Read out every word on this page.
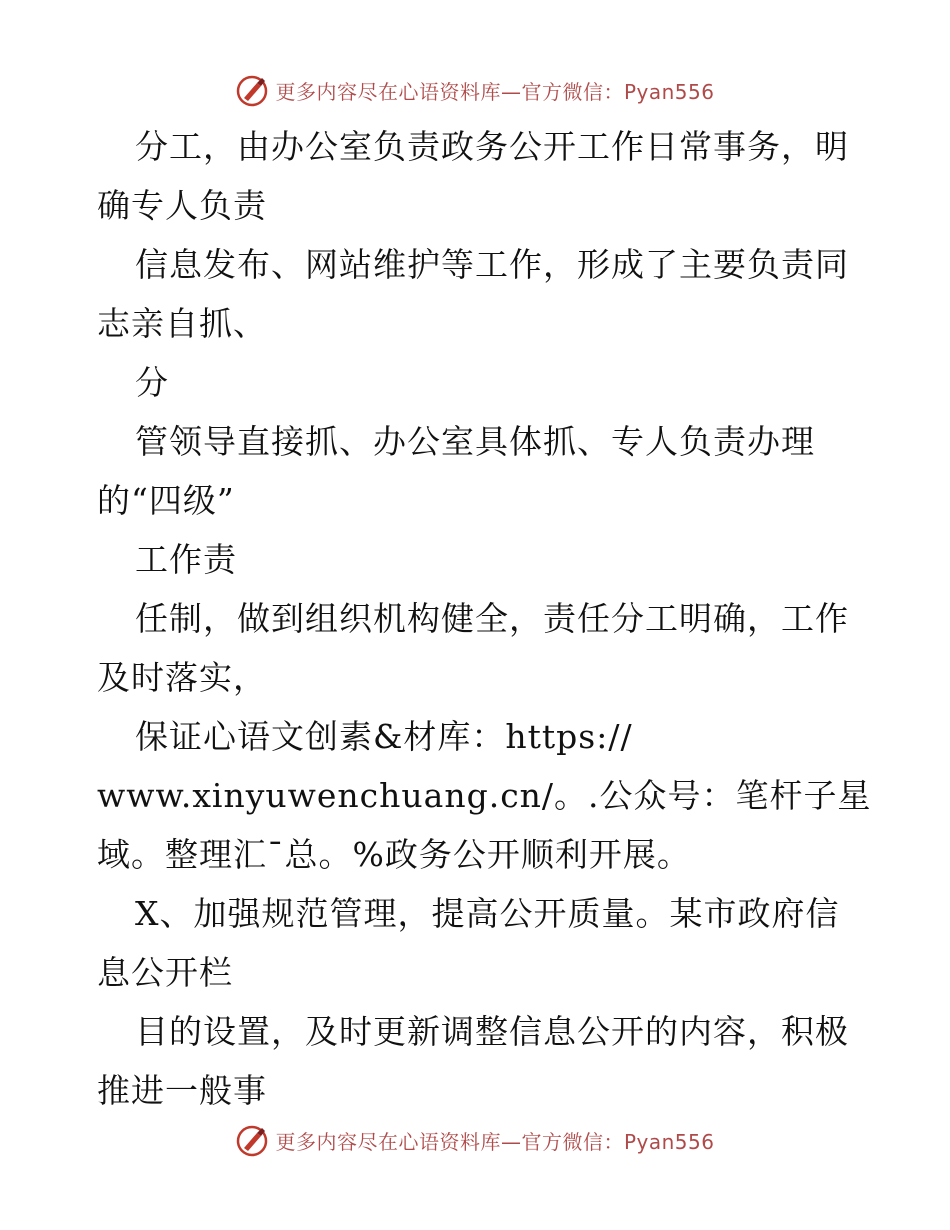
更多内容尽在心语资料库—官方微信：Pyan556
分工，由办公室负责政务公开工作日常事务，明
确专人负责
信息发布、网站维护等工作，形成了主要负责同
志亲自抓、
分
管领导直接抓、办公室具体抓、专人负责办理
的“四级”
工作责
任制，做到组织机构健全，责任分工明确，工作
及时落实，
保证心语文创素&材库：https://
www.xinyuwenchuang.cn/。.公众号：笔杆子星
域。整理汇¯总。%政务公开顺利开展。
X、加强规范管理，提高公开质量。某市政府信
息公开栏
目的设置，及时更新调整信息公开的内容，积极
推进一般事
更多内容尽在心语资料库—官方微信：Pyan556
